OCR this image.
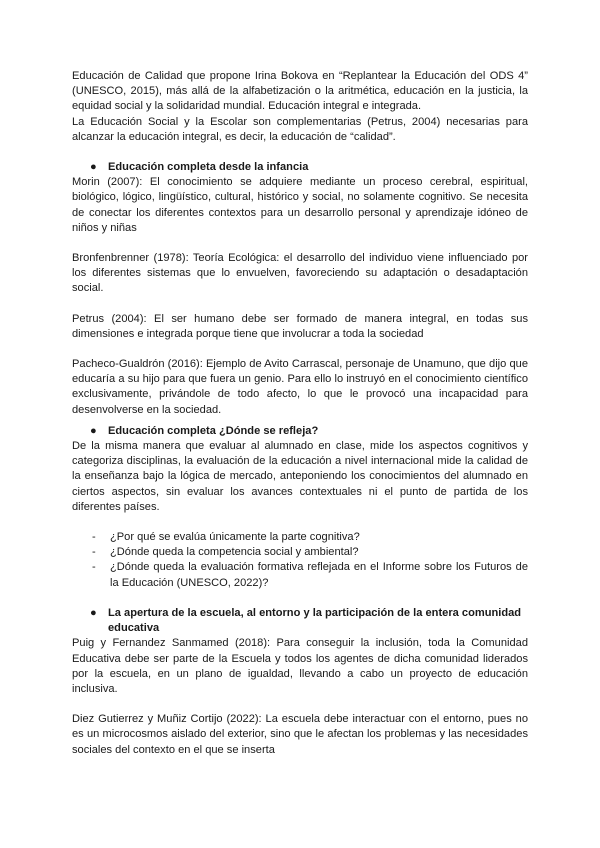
Educación de Calidad que propone Irina Bokova en “Replantear la Educación del ODS 4” (UNESCO, 2015), más allá de la alfabetización o la aritmética, educación en la justicia, la equidad social y la solidaridad mundial. Educación integral e integrada.

La Educación Social y la Escolar son complementarias (Petrus, 2004) necesarias para alcanzar la educación integral, es decir, la educación de “calidad”.

●	Educación completa desde la infancia

Morin (2007): El conocimiento se adquiere mediante un proceso cerebral, espiritual, biológico, lógico, lingüístico, cultural, histórico y social, no solamente cognitivo. Se necesita de conectar los diferentes contextos para un desarrollo personal y aprendizaje idóneo de niños y niñas

Bronfenbrenner (1978): Teoría Ecológica: el desarrollo del individuo viene influenciado por los diferentes sistemas que lo envuelven, favoreciendo su adaptación o desadaptación social.

Petrus (2004): El ser humano debe ser formado de manera integral, en todas sus dimensiones e integrada porque tiene que involucrar a toda la sociedad

Pacheco-Gualdrón (2016): Ejemplo de Avito Carrascal, personaje de Unamuno, que dijo que educaría a su hijo para que fuera un genio. Para ello lo instruyó en el conocimiento científico exclusivamente, privándole de todo afecto, lo que le provocó una incapacidad para desenvolverse en la sociedad.

●	Educación completa ¿Dónde se refleja?

De la misma manera que evaluar al alumnado en clase, mide los aspectos cognitivos y categoriza disciplinas, la evaluación de la educación a nivel internacional mide la calidad de la enseñanza bajo la lógica de mercado, anteponiendo los conocimientos del alumnado en ciertos aspectos, sin evaluar los avances contextuales ni el punto de partida de los diferentes países.

-	¿Por qué se evalúa únicamente la parte cognitiva?
-	¿Dónde queda la competencia social y ambiental?
-	¿Dónde queda la evaluación formativa reflejada en el Informe sobre los Futuros de la Educación (UNESCO, 2022)?
●	La apertura de la escuela, al entorno y la participación de la entera comunidad educativa

Puig y Fernandez Sanmamed (2018): Para conseguir la inclusión, toda la Comunidad Educativa debe ser parte de la Escuela y todos los agentes de dicha comunidad liderados por la escuela, en un plano de igualdad, llevando a cabo un proyecto de educación inclusiva.

Diez Gutierrez y Muñiz Cortijo (2022): La escuela debe interactuar con el entorno, pues no es un microcosmos aislado del exterior, sino que le afectan los problemas y las necesidades sociales del contexto en el que se inserta
